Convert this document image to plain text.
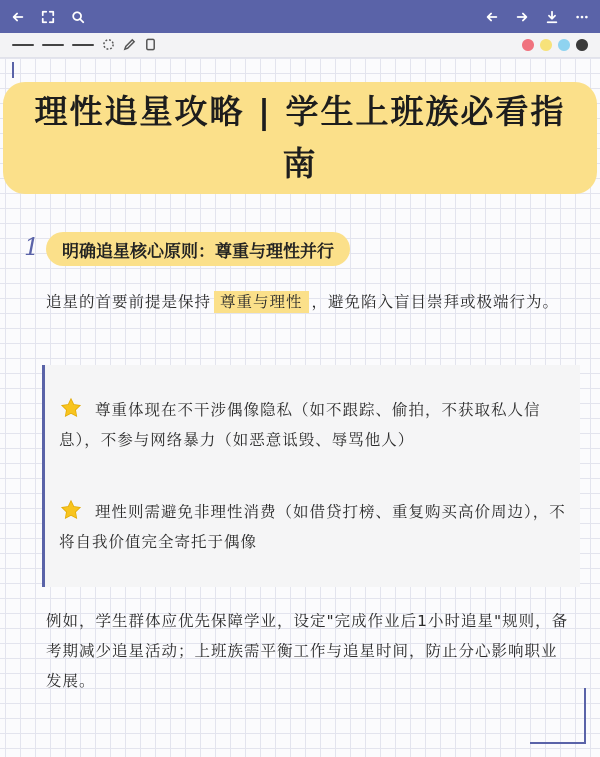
理性追星攻略 | 学生上班族必看指南
1	明确追星核心原则：尊重与理性并行
追星的首要前提是保持 尊重与理性 ，避免陷入盲目崇拜或极端行为。
尊重体现在不干涉偶像隐私（如不跟踪、偷拍，不获取私人信息），不参与网络暴力（如恶意诋毁、辱骂他人）
理性则需避免非理性消费（如借贷打榜、重复购买高价周边），不将自我价值完全寄托于偶像
例如，学生群体应优先保障学业，设定"完成作业后1小时追星"规则，备考期减少追星活动；上班族需平衡工作与追星时间，防止分心影响职业发展。
